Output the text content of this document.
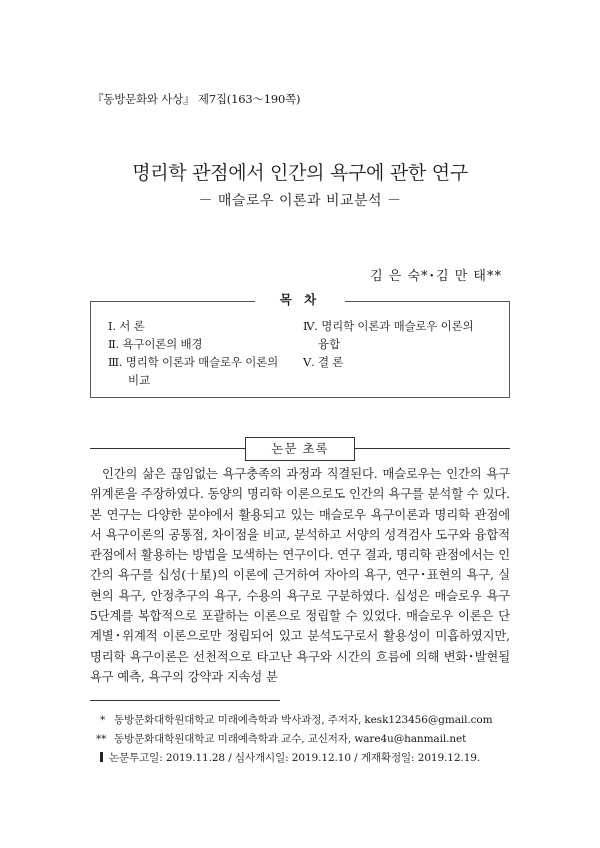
『동방문화와 사상』 제7집(163～190쪽)
명리학 관점에서 인간의 욕구에 관한 연구
－ 매슬로우 이론과 비교분석 －
김 은 숙*･김 만 태**
목 차
Ⅰ. 서 론
Ⅱ. 욕구이론의 배경
Ⅲ. 명리학 이론과 매슬로우 이론의
비교
Ⅳ. 명리학 이론과 매슬로우 이론의
융합
Ⅴ. 결 론
논문 초록

인간의 삶은 끊임없는 욕구충족의 과정과 직결된다. 매슬로우는 인간의 욕구 위계론을 주장하였다. 동양의 명리학 이론으로도 인간의 욕구를 분석할 수 있다. 본 연구는 다양한 분야에서 활용되고 있는 매슬로우 욕구이론과 명리학 관점에서 욕구이론의 공통점, 차이점을 비교, 분석하고 서양의 성격검사 도구와 융합적 관점에서 활용하는 방법을 모색하는 연구이다. 연구 결과, 명리학 관점에서는 인간의 욕구를 십성(十星)의 이론에 근거하여 자아의 욕구, 연구･표현의 욕구, 실현의 욕구, 안정추구의 욕구, 수용의 욕구로 구분하였다. 십성은 매슬로우 욕구 5단계를 복합적으로 포괄하는 이론으로 정립할 수 있었다. 매슬로우 이론은 단계별･위계적 이론으로만 정립되어 있고 분석도구로서 활용성이 미흡하였지만, 명리학 욕구이론은 선천적으로 타고난 욕구와 시간의 흐름에 의해 변화･발현될 욕구 예측, 욕구의 강약과 지속성 분

* 동방문화대학원대학교 미래예측학과 박사과정, 주저자, kesk123456@gmail.com
** 동방문화대학원대학교 미래예측학과 교수, 교신저자, ware4u@hanmail.net
논문투고일: 2019.11.28 / 심사개시일: 2019.12.10 / 게재확정일: 2019.12.19.
